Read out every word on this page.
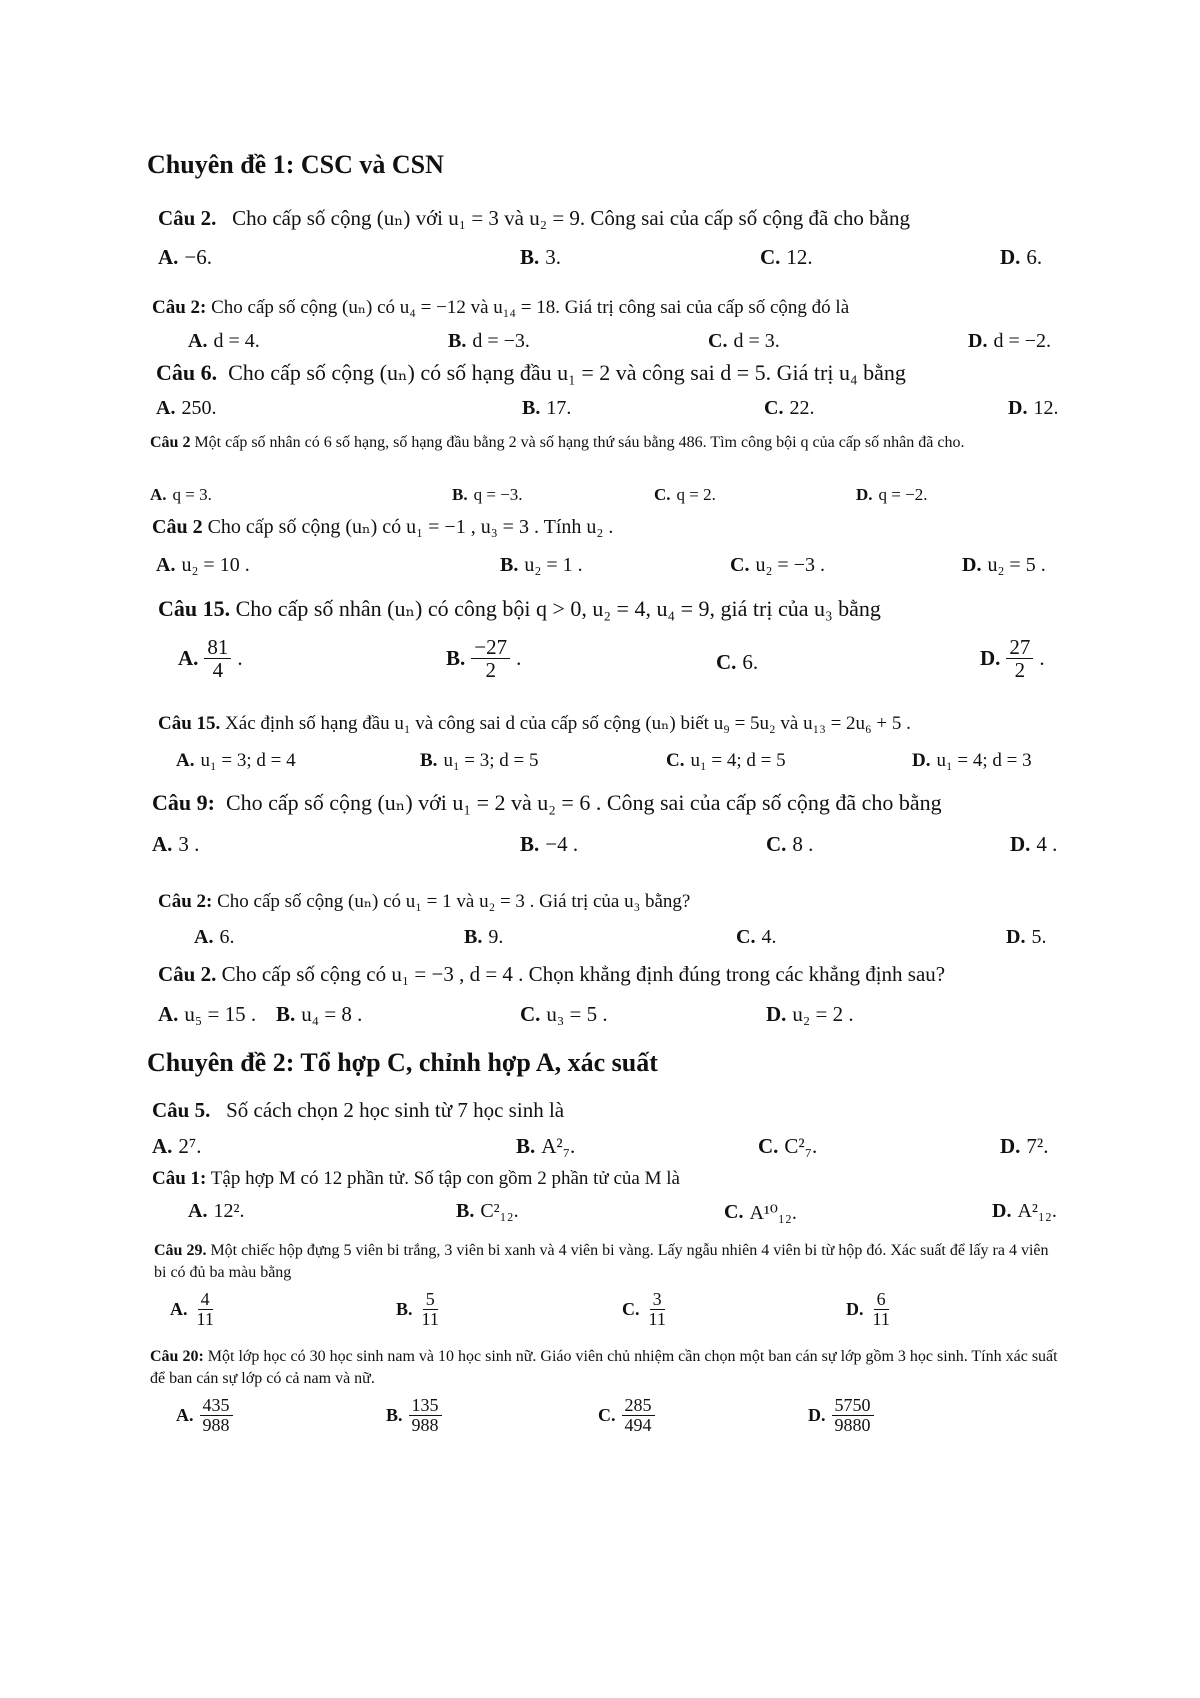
Chuyên đề 1: CSC và CSN
Câu 2. Cho cấp số cộng (uₙ) với u₁ = 3 và u₂ = 9. Công sai của cấp số cộng đã cho bằng
A. −6.	B. 3.	C. 12.	D. 6.
Câu 2: Cho cấp số cộng (uₙ) có u₄ = −12 và u₁₄ = 18. Giá trị công sai của cấp số cộng đó là
A. d = 4.	B. d = −3.	C. d = 3.	D. d = −2.
Câu 6. Cho cấp số cộng (uₙ) có số hạng đầu u₁ = 2 và công sai d = 5. Giá trị u₄ bằng
A. 250.	B. 17.	C. 22.	D. 12.
Câu 2 Một cấp số nhân có 6 số hạng, số hạng đầu bằng 2 và số hạng thứ sáu bằng 486. Tìm công bội q của cấp số nhân đã cho.
A. q = 3.	B. q = −3.	C. q = 2.	D. q = −2.
Câu 2 Cho cấp số cộng (uₙ) có u₁ = −1 , u₃ = 3 . Tính u₂ .
A. u₂ = 10 .	B. u₂ = 1 .	C. u₂ = −3 .	D. u₂ = 5 .
Câu 15. Cho cấp số nhân (uₙ) có công bội q > 0, u₂ = 4, u₄ = 9, giá trị của u₃ bằng
A. $\frac{81}{4}$ .	B. $\frac{-27}{2}$ .	C. 6.	D. $\frac{27}{2}$ .
Câu 15. Xác định số hạng đầu u₁ và công sai d của cấp số cộng (uₙ) biết u₉ = 5u₂ và u₁₃ = 2u₆ + 5 .
A. u₁ = 3; d = 4	B. u₁ = 3; d = 5	C. u₁ = 4; d = 5	D. u₁ = 4; d = 3
Câu 9: Cho cấp số cộng (uₙ) với u₁ = 2 và u₂ = 6 . Công sai của cấp số cộng đã cho bằng
A. 3 .	B. −4 .	C. 8 .	D. 4 .
Câu 2: Cho cấp số cộng (uₙ) có u₁ = 1 và u₂ = 3 . Giá trị của u₃ bằng?
A. 6.	B. 9.	C. 4.	D. 5.
Câu 2. Cho cấp số cộng có u₁ = −3 , d = 4 . Chọn khẳng định đúng trong các khẳng định sau?
A. u₅ = 15 . B. u₄ = 8 .	C. u₃ = 5 .	D. u₂ = 2 .
Chuyên đề 2: Tổ hợp C, chỉnh hợp A, xác suất
Câu 5. Số cách chọn 2 học sinh từ 7 học sinh là
A. 2⁷.	B. A²₇.	C. C²₇.	D. 7².
Câu 1: Tập hợp M có 12 phần tử. Số tập con gồm 2 phần tử của M là
A. 12².	B. C²₁₂.	C. A¹⁰₁₂.	D. A²₁₂.
Câu 29. Một chiếc hộp đựng 5 viên bi trắng, 3 viên bi xanh và 4 viên bi vàng. Lấy ngẫu nhiên 4 viên bi từ hộp đó. Xác suất để lấy ra 4 viên bi có đủ ba màu bằng
A. $\frac{4}{11}$	B. $\frac{5}{11}$	C. $\frac{3}{11}$	D. $\frac{6}{11}$
Câu 20: Một lớp học có 30 học sinh nam và 10 học sinh nữ. Giáo viên chủ nhiệm cần chọn một ban cán sự lớp gồm 3 học sinh. Tính xác suất để ban cán sự lớp có cả nam và nữ.
A. $\frac{435}{988}$	B. $\frac{135}{988}$	C. $\frac{285}{494}$	D. $\frac{5750}{9880}$
